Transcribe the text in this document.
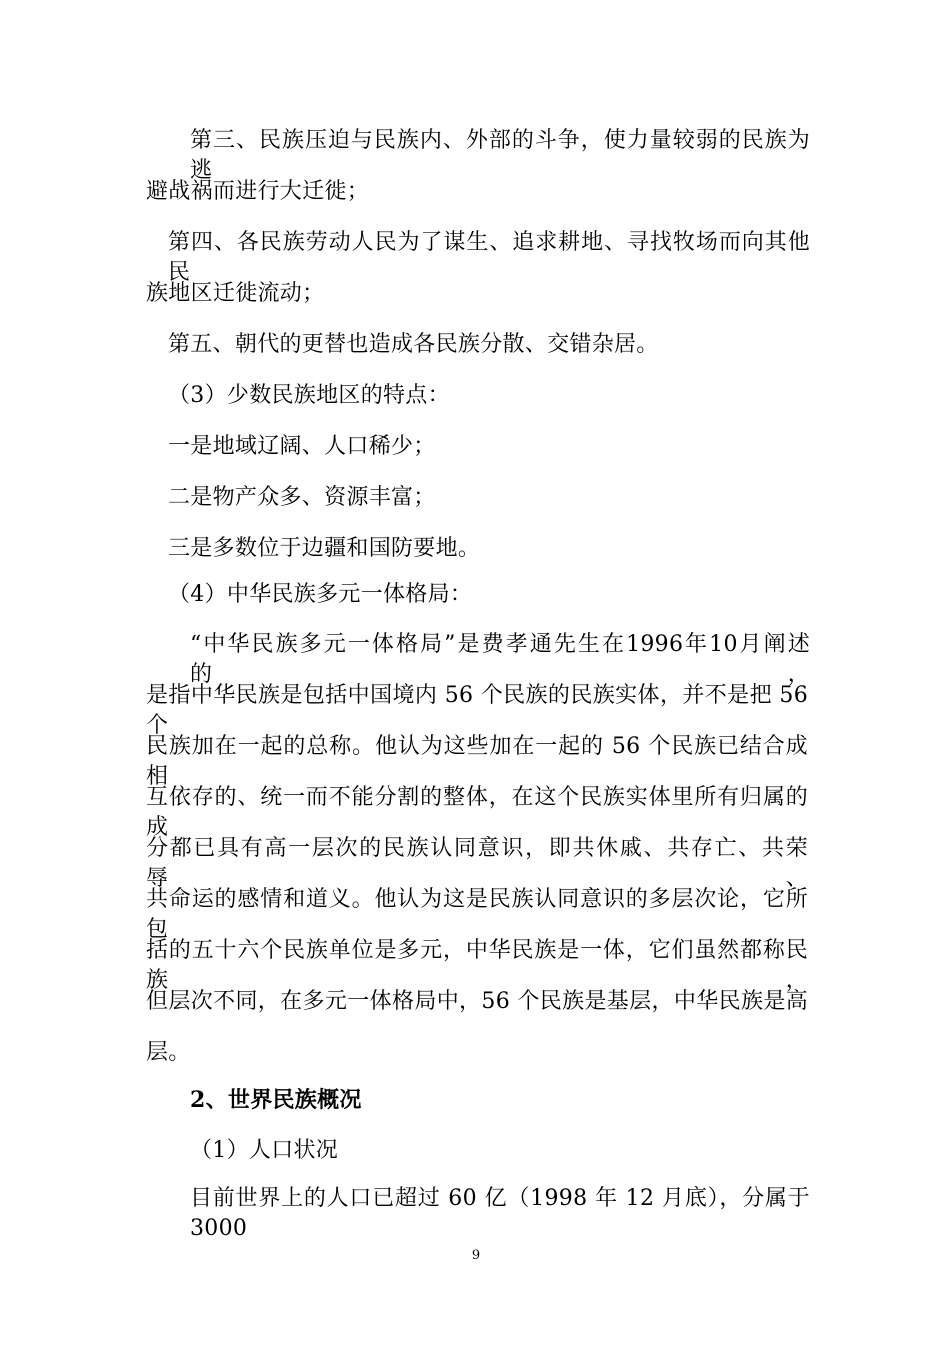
第三、民族压迫与民族内、外部的斗争，使力量较弱的民族为逃
避战祸而进行大迁徙；
第四、各民族劳动人民为了谋生、追求耕地、寻找牧场而向其他民
族地区迁徙流动；
第五、朝代的更替也造成各民族分散、交错杂居。
（3）少数民族地区的特点：
一是地域辽阔、人口稀少；
二是物产众多、资源丰富；
三是多数位于边疆和国防要地。
（4）中华民族多元一体格局：
“中华民族多元一体格局”是费孝通先生在1996年10月阐述的，
是指中华民族是包括中国境内 56 个民族的民族实体，并不是把 56 个
民族加在一起的总称。他认为这些加在一起的 56 个民族已结合成相
互依存的、统一而不能分割的整体，在这个民族实体里所有归属的成
分都已具有高一层次的民族认同意识，即共休戚、共存亡、共荣辱、
共命运的感情和道义。他认为这是民族认同意识的多层次论，它所包
括的五十六个民族单位是多元，中华民族是一体，它们虽然都称民族，
但层次不同，在多元一体格局中，56 个民族是基层，中华民族是高
层。
2、世界民族概况
（1）人口状况
目前世界上的人口已超过 60 亿（1998 年 12 月底），分属于 3000
9
